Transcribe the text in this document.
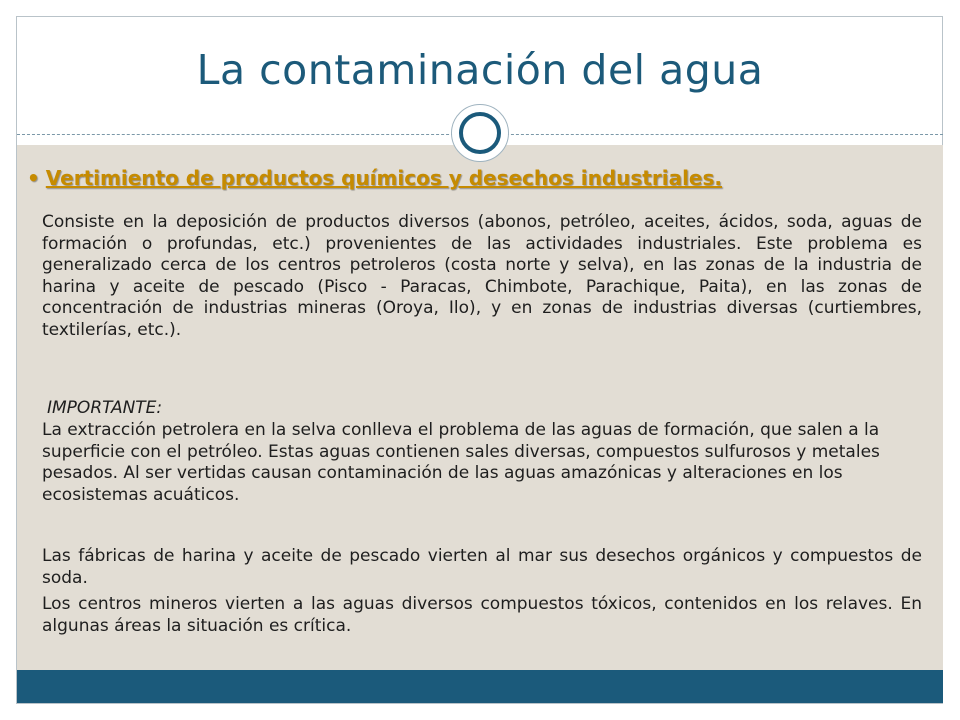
La contaminación del agua
• Vertimiento de productos químicos y desechos industriales.

Consiste en la deposición de productos diversos (abonos, petróleo, aceites, ácidos, soda, aguas de formación o profundas, etc.) provenientes de las actividades industriales. Este problema es generalizado cerca de los centros petroleros (costa norte y selva), en las zonas de la industria de harina y aceite de pescado (Pisco - Paracas, Chimbote, Parachique, Paita), en las zonas de concentración de industrias mineras (Oroya, Ilo), y en zonas de industrias diversas (curtiembres, textilerías, etc.).

IMPORTANTE:

La extracción petrolera en la selva conlleva el problema de las aguas de formación, que salen a la superficie con el petróleo. Estas aguas contienen sales diversas, compuestos sulfurosos y metales pesados. Al ser vertidas causan contaminación de las aguas amazónicas y alteraciones en los ecosistemas acuáticos.

Las fábricas de harina y aceite de pescado vierten al mar sus desechos orgánicos y compuestos de soda.

Los centros mineros vierten a las aguas diversos compuestos tóxicos, contenidos en los relaves. En algunas áreas la situación es crítica.
